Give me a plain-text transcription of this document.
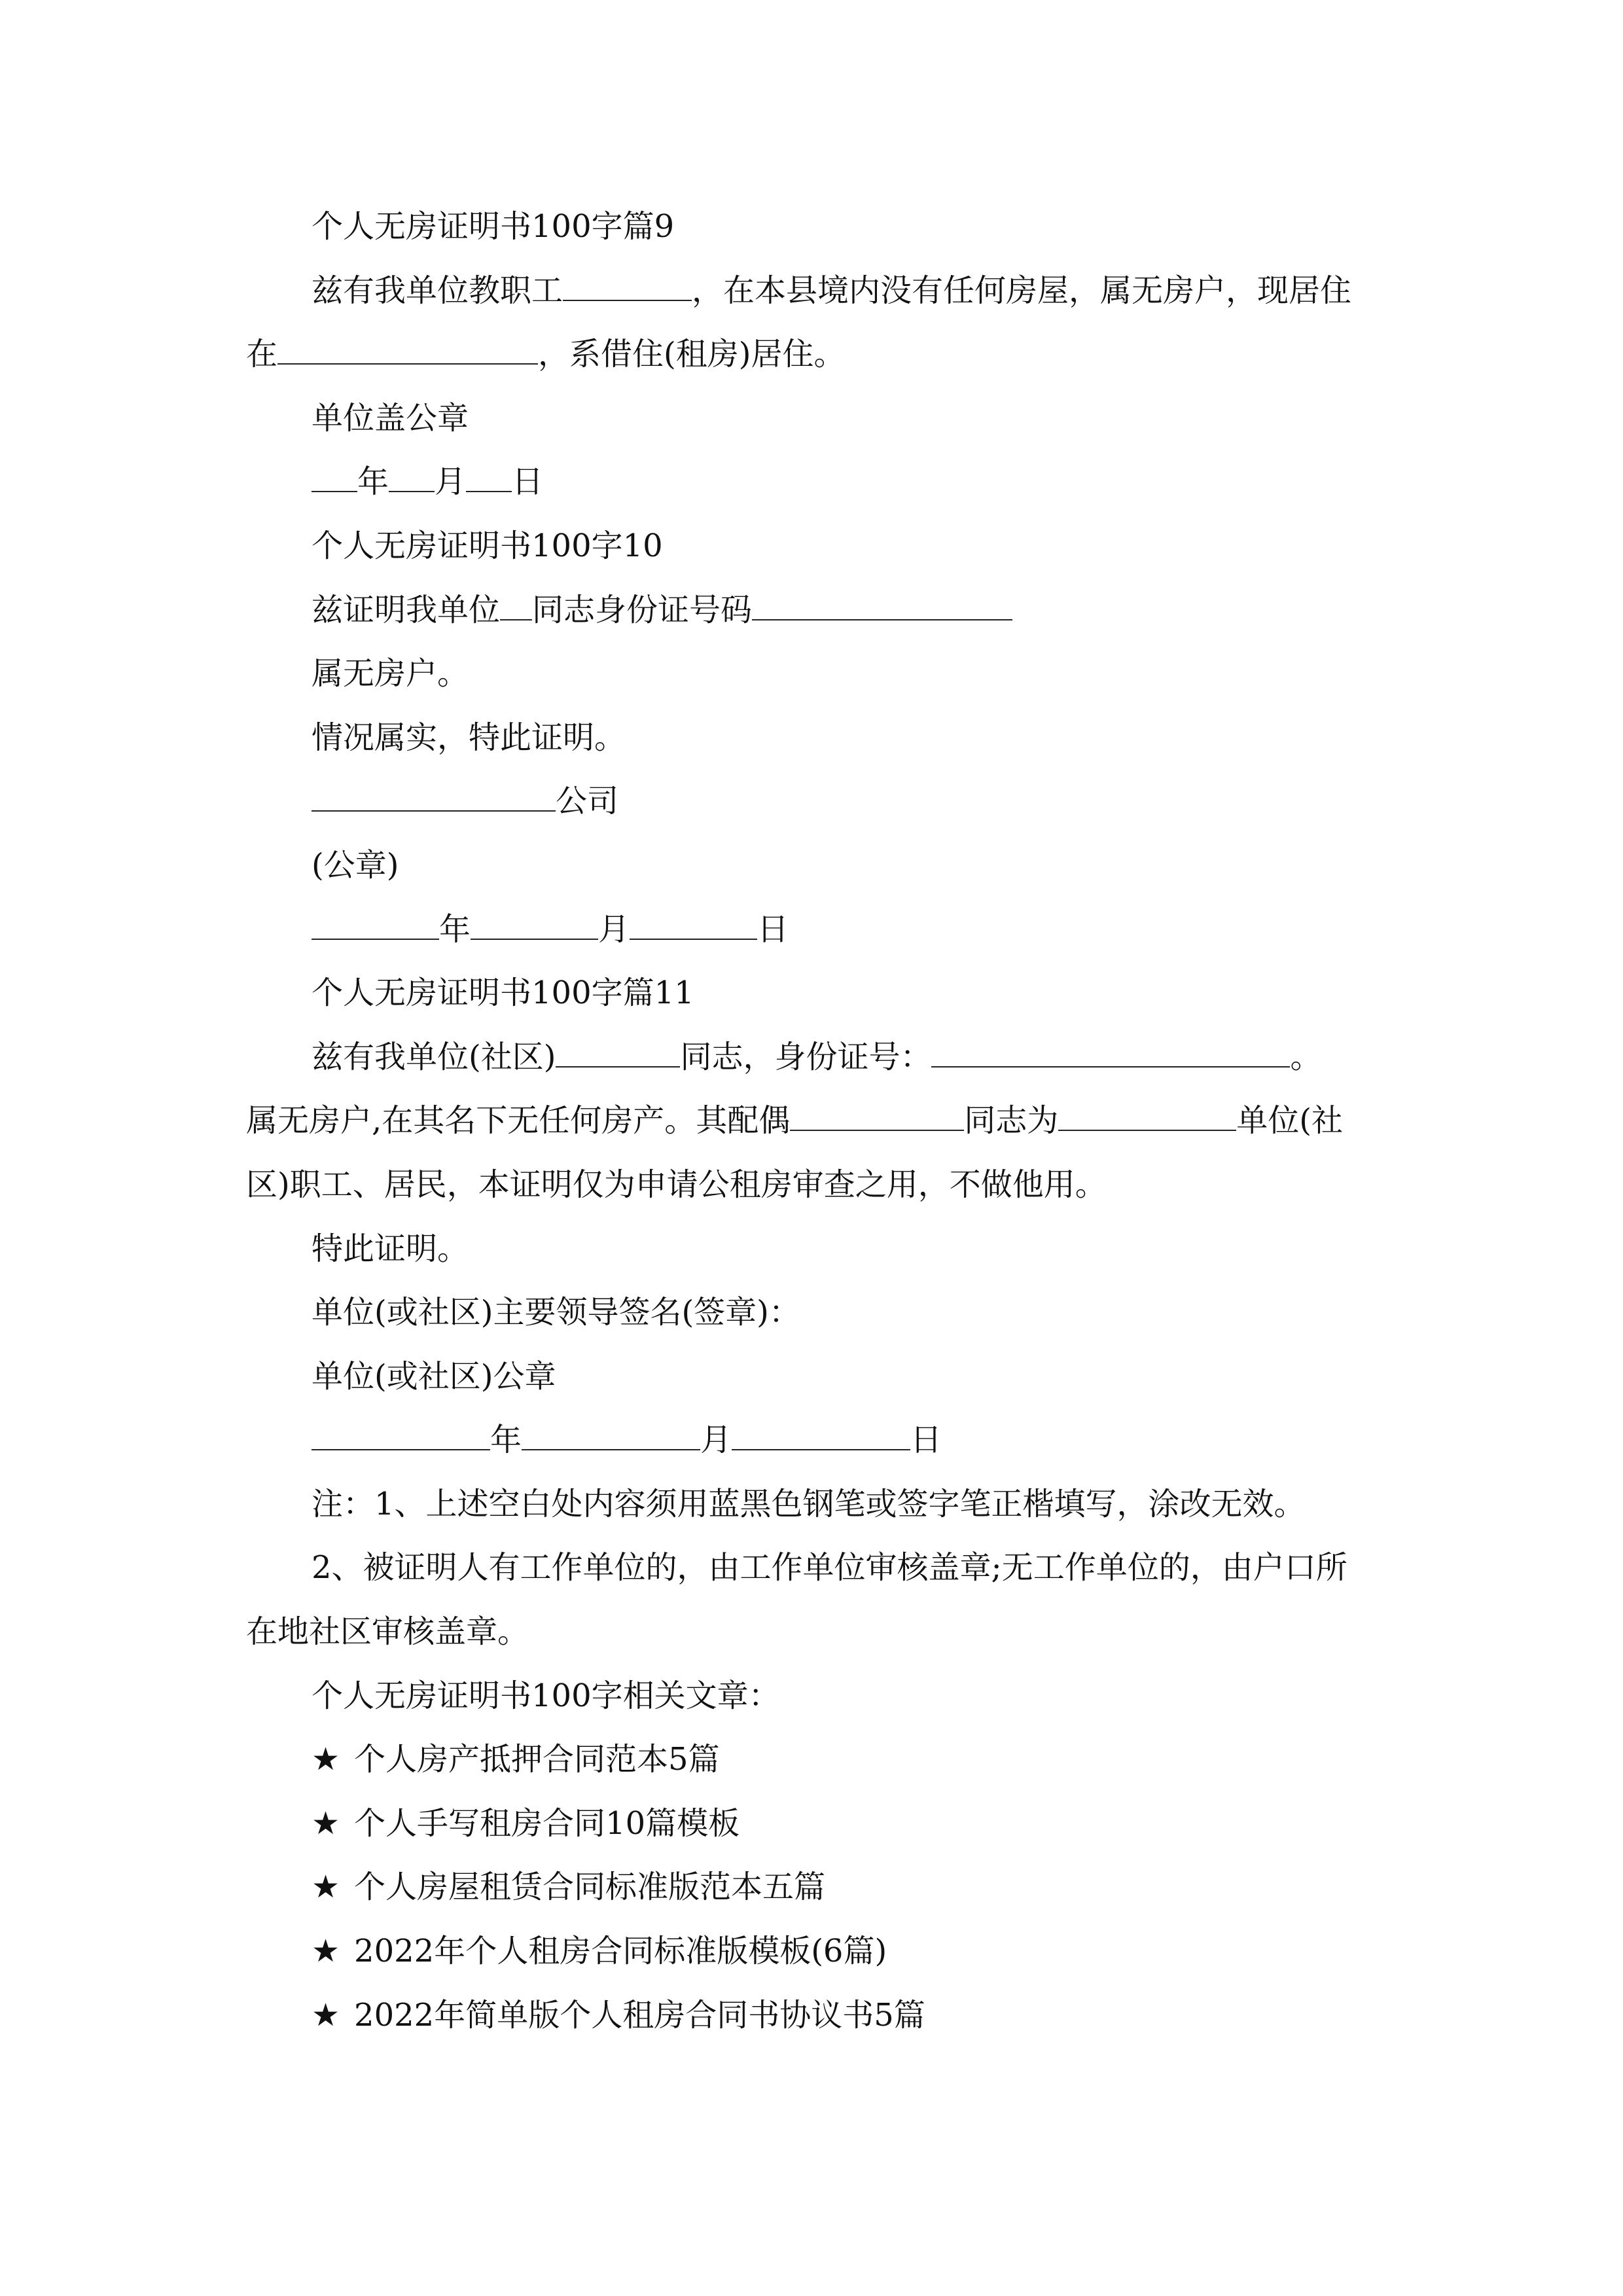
个人无房证明书100字篇9
兹有我单位教职工	，在本县境内没有任何房屋，属无房户，现居住
在	，系借住(租房)居住。
单位盖公章
年 月 日
个人无房证明书100字10
兹证明我单位 同志身份证号码
属无房户。
情况属实，特此证明。
公司
(公章)
年	月	日
个人无房证明书100字篇11
兹有我单位(社区)	同志，身份证号：	。
属无房户,在其名下无任何房产。其配偶	同志为	单位(社
区)职工、居民，本证明仅为申请公租房审查之用，不做他用。
特此证明。
单位(或社区)主要领导签名(签章)：
单位(或社区)公章
年	月	日
注：1、上述空白处内容须用蓝黑色钢笔或签字笔正楷填写，涂改无效。
2、被证明人有工作单位的，由工作单位审核盖章;无工作单位的，由户口所
在地社区审核盖章。
个人无房证明书100字相关文章：
★ 个人房产抵押合同范本5篇
★ 个人手写租房合同10篇模板
★ 个人房屋租赁合同标准版范本五篇
★ 2022年个人租房合同标准版模板(6篇)
★ 2022年简单版个人租房合同书协议书5篇
